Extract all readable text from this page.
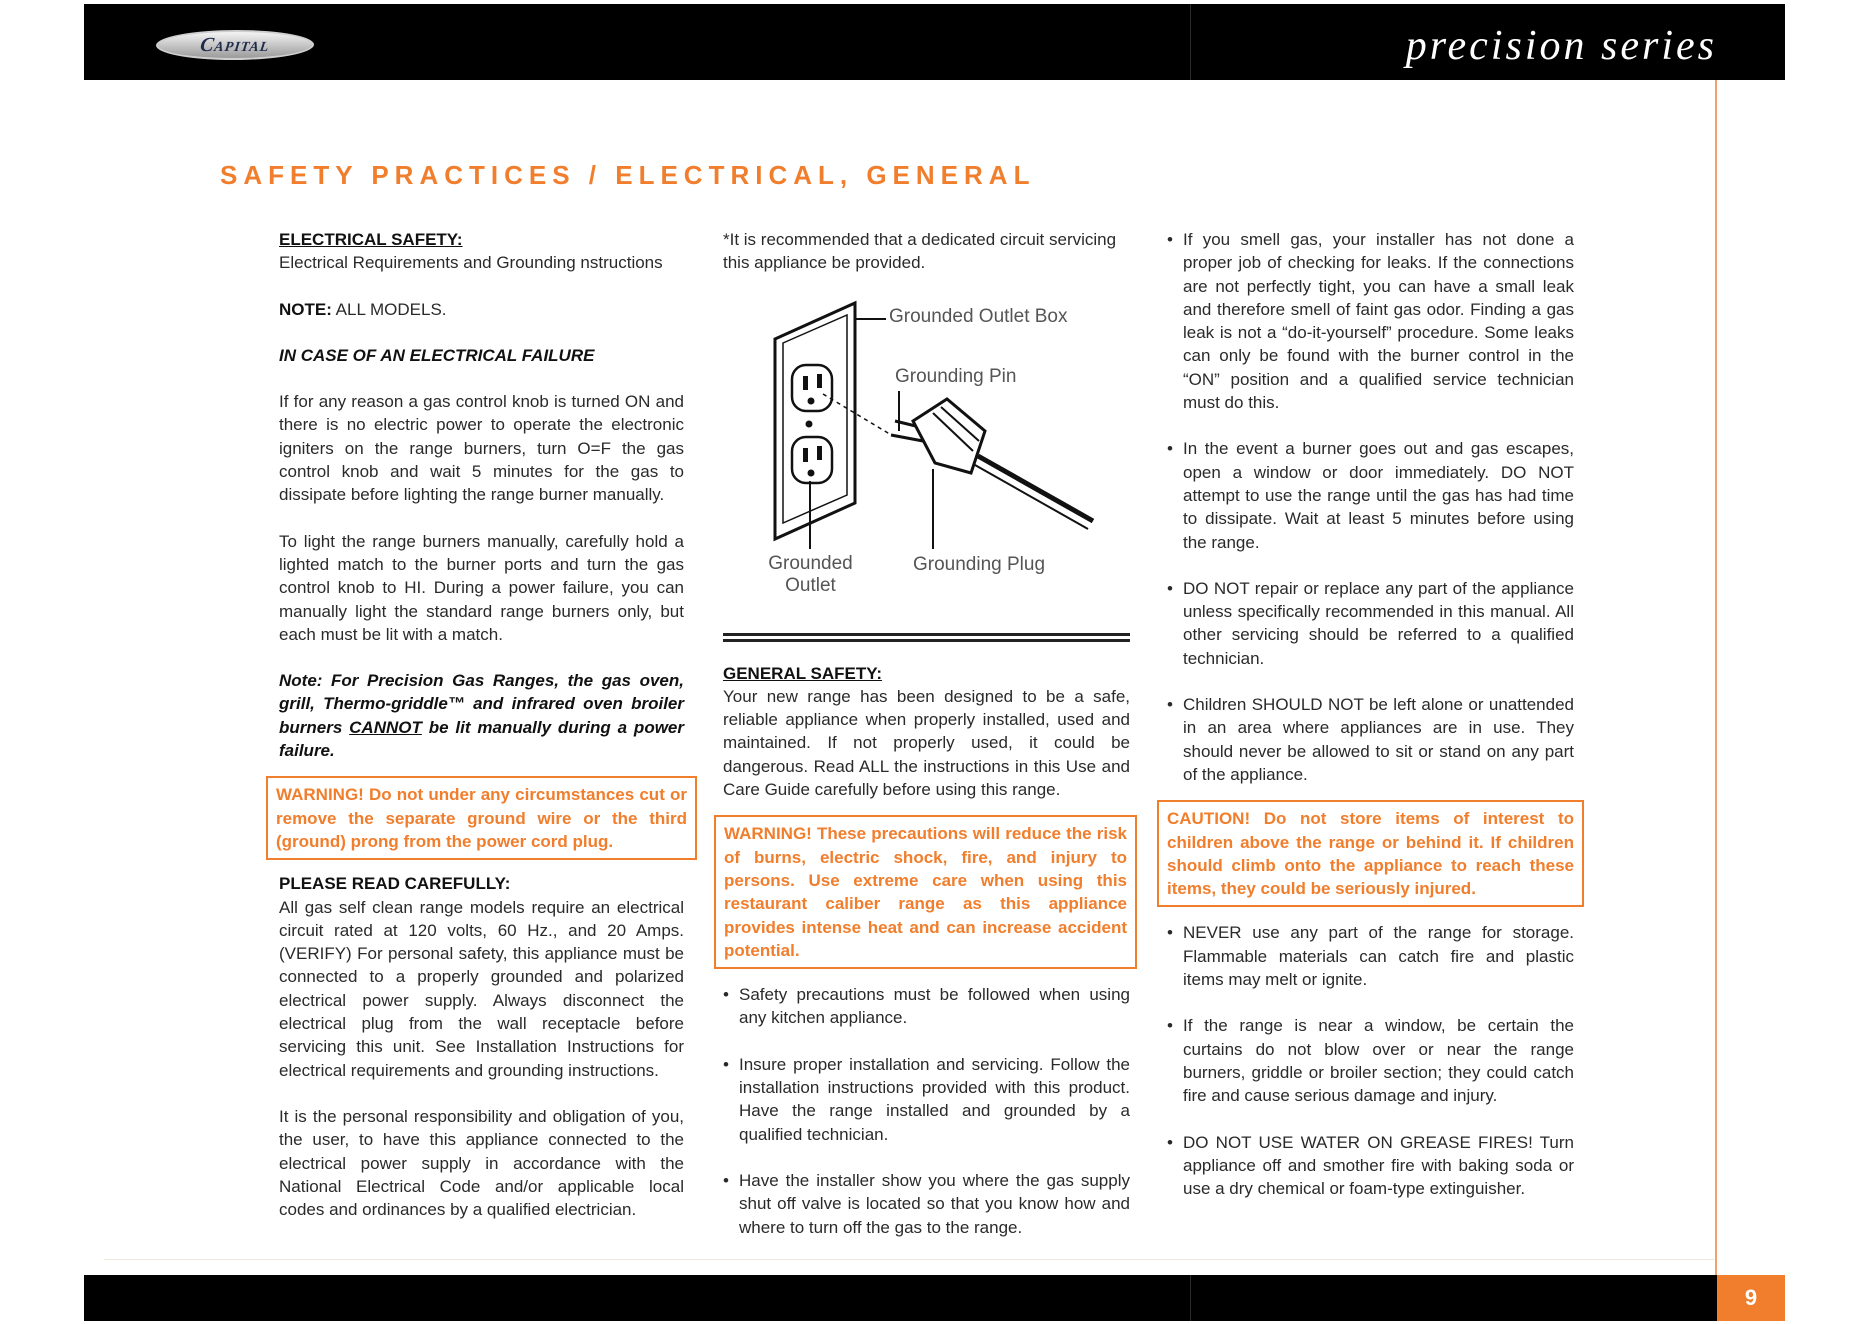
Capital	precision series
SAFETY PRACTICES / ELECTRICAL, GENERAL

ELECTRICAL SAFETY:

Electrical Requirements and Grounding nstructions

NOTE: ALL MODELS.

IN CASE OF AN ELECTRICAL FAILURE

If for any reason a gas control knob is turned ON and there is no electric power to operate the electronic igniters on the range burners, turn O=F the gas control knob and wait 5 minutes for the gas to dissipate before lighting the range burner manually.

To light the range burners manually, carefully hold a lighted match to the burner ports and turn the gas control knob to HI. During a power failure, you can manually light the standard range burners only, but each must be lit with a match.

Note: For Precision Gas Ranges, the gas oven, grill, Thermo-griddle™ and infrared oven broiler burners CANNOT be lit manually during a power failure.

WARNING! Do not under any circumstances cut or remove the separate ground wire or the third (ground) prong from the power cord plug.

PLEASE READ CAREFULLY:

All gas self clean range models require an electrical circuit rated at 120 volts, 60 Hz., and 20 Amps. (VERIFY) For personal safety, this appliance must be connected to a properly grounded and polarized electrical power supply. Always disconnect the electrical plug from the wall receptacle before servicing this unit. See Installation Instructions for electrical requirements and grounding instructions.

It is the personal responsibility and obligation of you, the user, to have this appliance connected to the electrical power supply in accordance with the National Electrical Code and/or applicable local codes and ordinances by a qualified electrician.

*It is recommended that a dedicated circuit servicing this appliance be provided.

Grounded Outlet Box
Grounding Pin
Grounded
Outlet
Grounding Plug

GENERAL SAFETY:

Your new range has been designed to be a safe, reliable appliance when properly installed, used and maintained. If not properly used, it could be dangerous. Read ALL the instructions in this Use and Care Guide carefully before using this range.

WARNING! These precautions will reduce the risk of burns, electric shock, fire, and injury to persons. Use extreme care when using this restaurant caliber range as this appliance provides intense heat and can increase accident potential.
• Safety precautions must be followed when using any kitchen appliance.
• Insure proper installation and servicing. Follow the installation instructions provided with this product. Have the range installed and grounded by a qualified technician.
• Have the installer show you where the gas supply shut off valve is located so that you know how and where to turn off the gas to the range.
• If you smell gas, your installer has not done a proper job of checking for leaks. If the connections are not perfectly tight, you can have a small leak and therefore smell of faint gas odor. Finding a gas leak is not a “do-it-yourself” procedure. Some leaks can only be found with the burner control in the “ON” position and a qualified service technician must do this.
• In the event a burner goes out and gas escapes, open a window or door immediately. DO NOT attempt to use the range until the gas has had time to dissipate. Wait at least 5 minutes before using the range.
• DO NOT repair or replace any part of the appliance unless specifically recommended in this manual. All other servicing should be referred to a qualified technician.
• Children SHOULD NOT be left alone or unattended in an area where appliances are in use. They should never be allowed to sit or stand on any part of the appliance.
CAUTION! Do not store items of interest to children above the range or behind it. If children should climb onto the appliance to reach these items, they could be seriously injured.
• NEVER use any part of the range for storage. Flammable materials can catch fire and plastic items may melt or ignite.
• If the range is near a window, be certain the curtains do not blow over or near the range burners, griddle or broiler section; they could catch fire and cause serious damage and injury.
• DO NOT USE WATER ON GREASE FIRES! Turn appliance off and smother fire with baking soda or use a dry chemical or foam-type extinguisher.
9
